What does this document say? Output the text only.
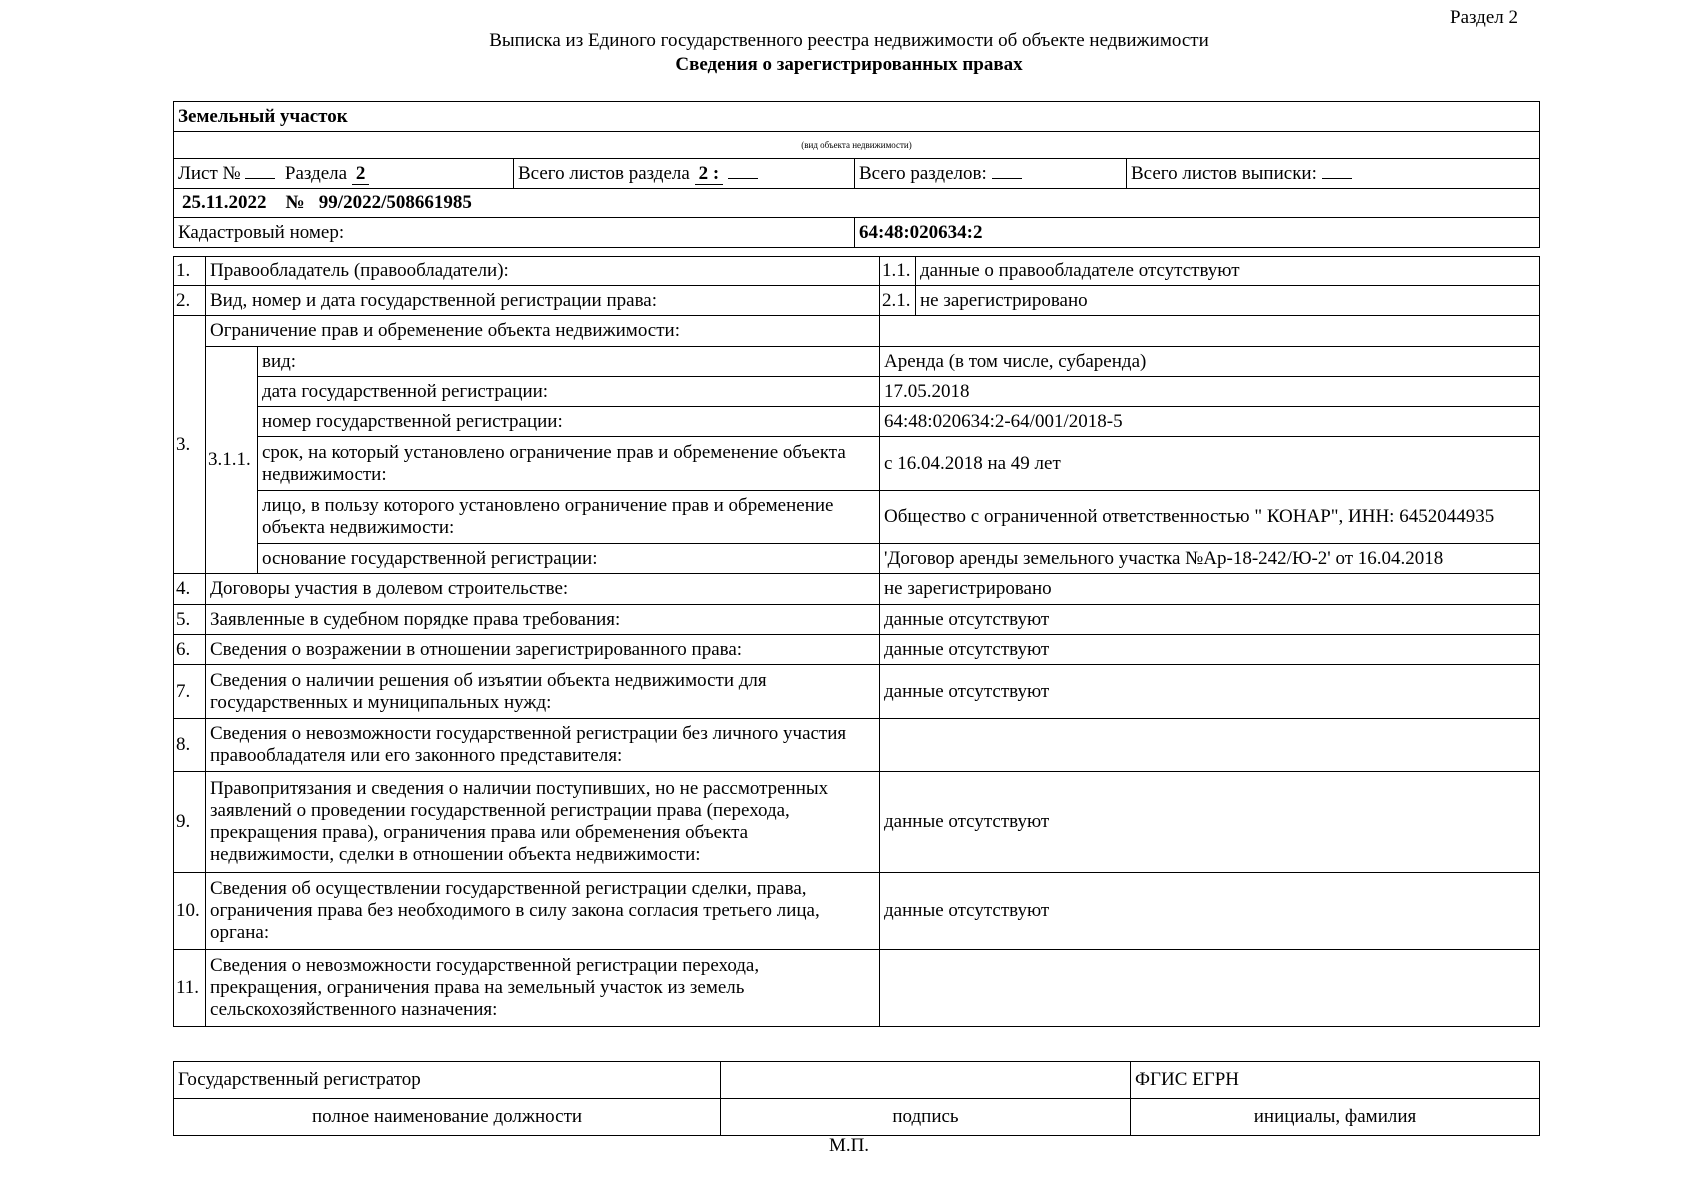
Раздел 2
Выписка из Единого государственного реестра недвижимости об объекте недвижимости
Сведения о зарегистрированных правах
Земельный участок			
(вид объекта недвижимости)			
Лист № Раздела 2	Всего листов раздела 2 :	Всего разделов:	Всего листов выписки:
25.11.2022 № 99/2022/508661985			
Кадастровый номер:		64:48:020634:2	
1.	Правообладатель (правообладатели):		1.1.	данные о правообладателе отсутствуют
2.	Вид, номер и дата государственной регистрации права:		2.1.	не зарегистрировано
3.	Ограничение прав и обременение объекта недвижимости:			
	3.1.1.	вид:	Аренда (в том числе, субаренда)	
		дата государственной регистрации:	17.05.2018	
		номер государственной регистрации:	64:48:020634:2-64/001/2018-5	
		срок, на который установлено ограничение прав и обременение объекта недвижимости:	с 16.04.2018 на 49 лет	
		лицо, в пользу которого установлено ограничение прав и обременение объекта недвижимости:	Общество с ограниченной ответственностью " КОНАР", ИНН: 6452044935	
		основание государственной регистрации:	'Договор аренды земельного участка №Ар-18-242/Ю-2' от 16.04.2018	
4.	Договоры участия в долевом строительстве:		не зарегистрировано	
5.	Заявленные в судебном порядке права требования:		данные отсутствуют	
6.	Сведения о возражении в отношении зарегистрированного права:		данные отсутствуют	
7.	Сведения о наличии решения об изъятии объекта недвижимости для государственных и муниципальных нужд:		данные отсутствуют	
8.	Сведения о невозможности государственной регистрации без личного участия правообладателя или его законного представителя:			
9.	Правопритязания и сведения о наличии поступивших, но не рассмотренных заявлений о проведении государственной регистрации права (перехода, прекращения права), ограничения права или обременения объекта недвижимости, сделки в отношении объекта недвижимости:		данные отсутствуют	
10.	Сведения об осуществлении государственной регистрации сделки, права, ограничения права без необходимого в силу закона согласия третьего лица, органа:		данные отсутствуют	
11.	Сведения о невозможности государственной регистрации перехода, прекращения, ограничения права на земельный участок из земель сельскохозяйственного назначения:			
Государственный регистратор		ФГИС ЕГРН
полное наименование должности	подпись	инициалы, фамилия
М.П.
